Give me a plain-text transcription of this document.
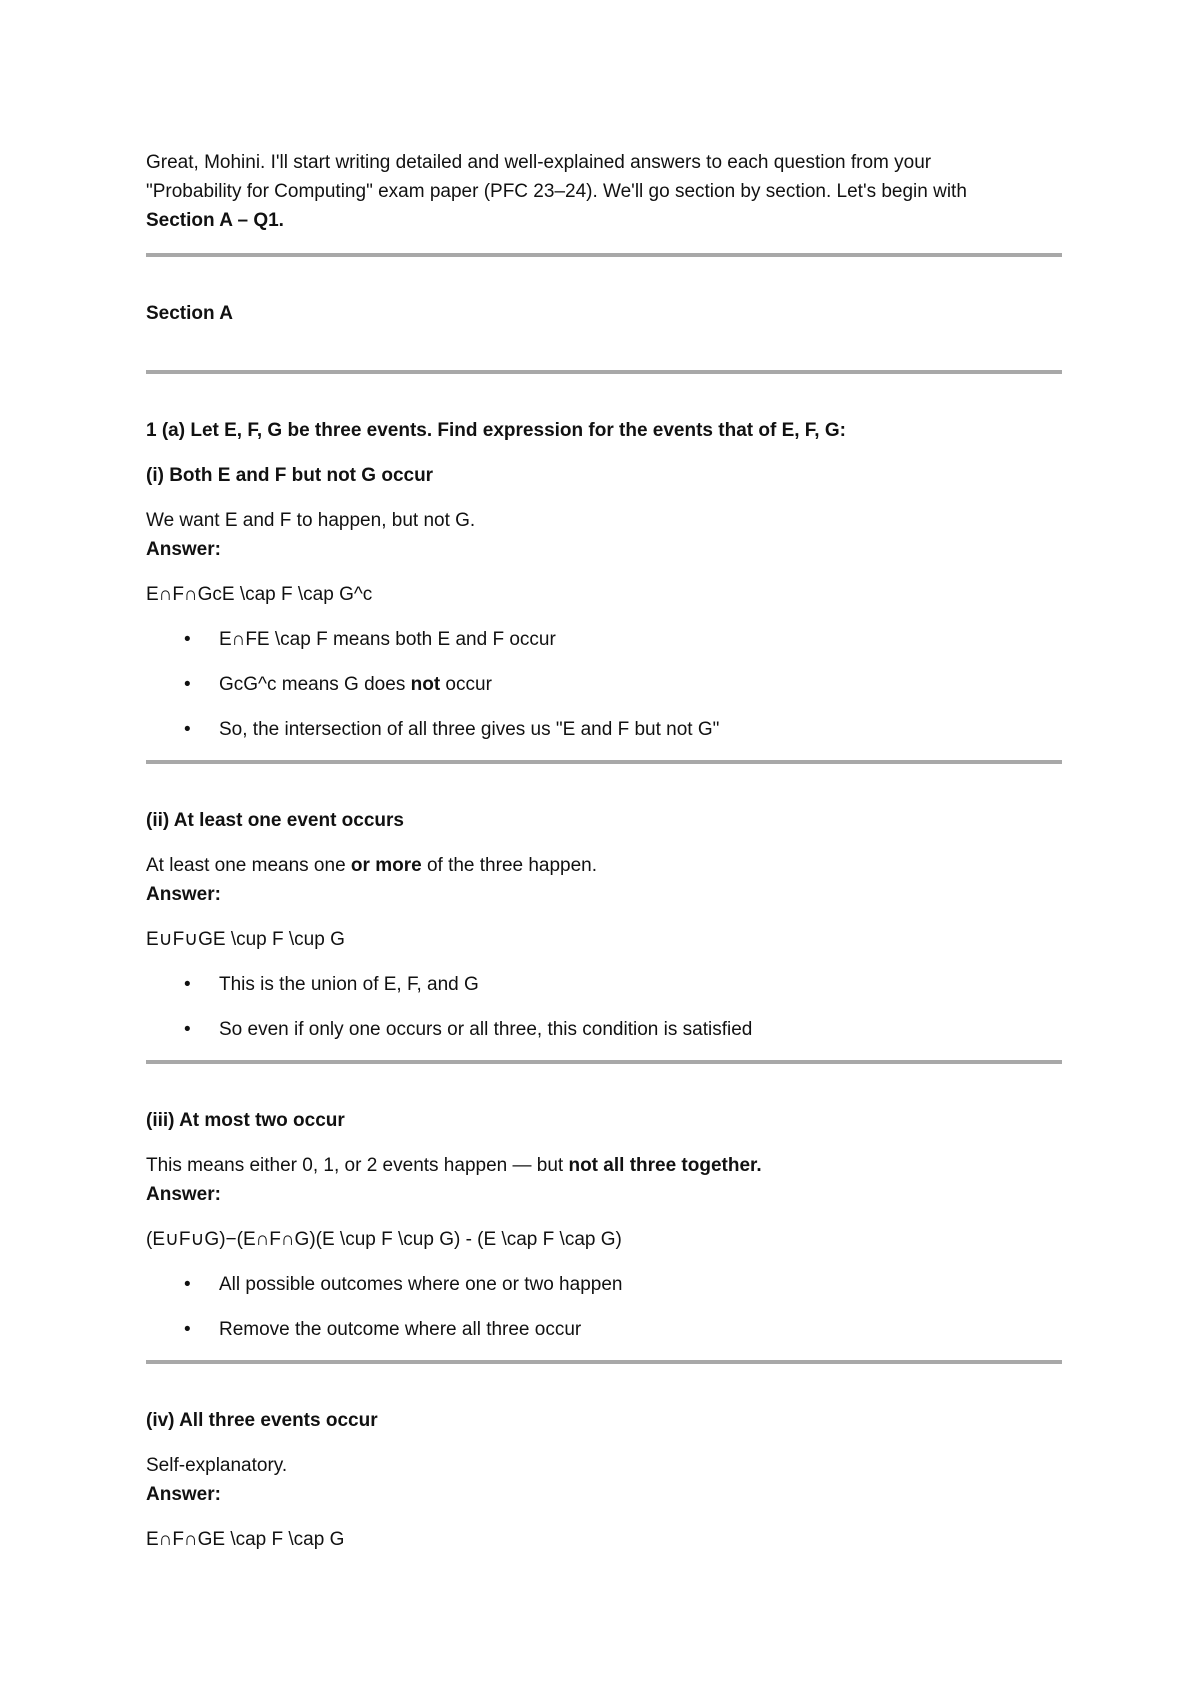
Great, Mohini. I'll start writing detailed and well-explained answers to each question from your
"Probability for Computing" exam paper (PFC 23–24). We'll go section by section. Let's begin with
Section A – Q1.
Section A
1 (a) Let E, F, G be three events. Find expression for the events that of E, F, G:
(i) Both E and F but not G occur
We want E and F to happen, but not G.
Answer:
E∩F∩GcE \cap F \cap G^c
• E∩FE \cap F means both E and F occur
• GcG^c means G does not occur
• So, the intersection of all three gives us "E and F but not G"
(ii) At least one event occurs
At least one means one or more of the three happen.
Answer:
E∪F∪GE \cup F \cup G
• This is the union of E, F, and G
• So even if only one occurs or all three, this condition is satisfied
(iii) At most two occur
This means either 0, 1, or 2 events happen — but not all three together.
Answer:
(E∪F∪G)−(E∩F∩G)(E \cup F \cup G) - (E \cap F \cap G)
• All possible outcomes where one or two happen
• Remove the outcome where all three occur
(iv) All three events occur
Self-explanatory.
Answer:
E∩F∩GE \cap F \cap G
